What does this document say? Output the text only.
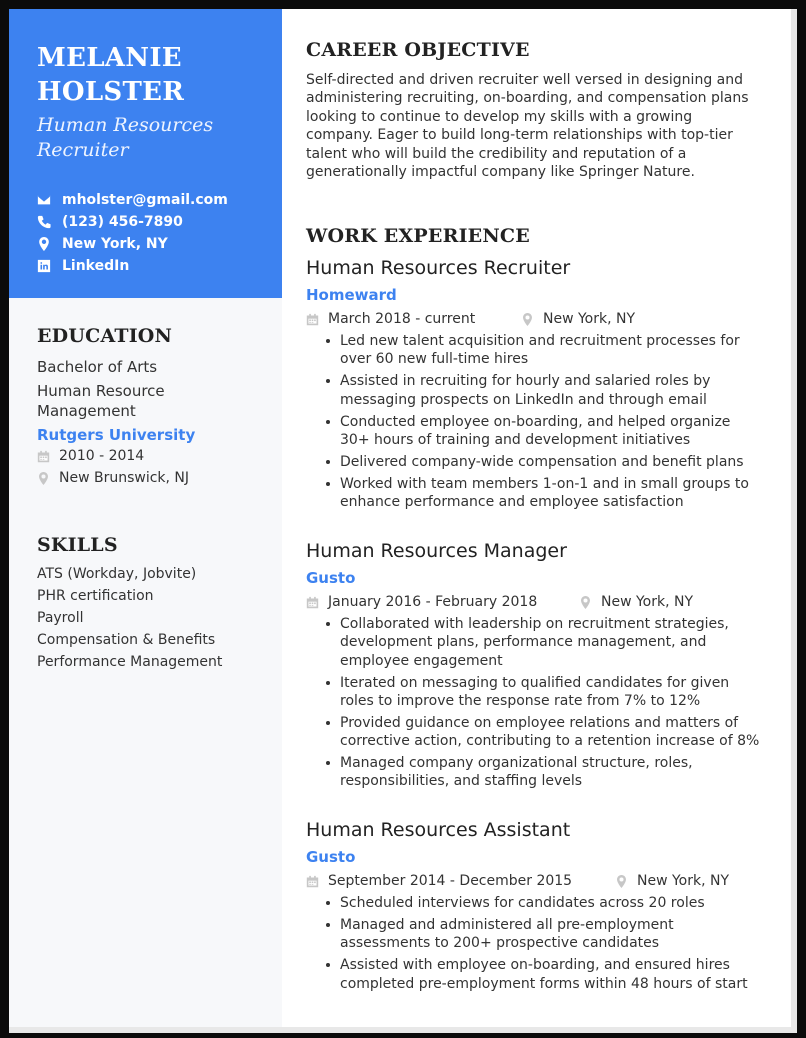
MELANIE
HOLSTER
Human Resources
Recruiter
mholster@gmail.com
(123) 456-7890
New York, NY
LinkedIn
EDUCATION
Bachelor of Arts
Human Resource
Management
Rutgers University
2010 - 2014
New Brunswick, NJ
SKILLS
ATS (Workday, Jobvite)
PHR certification
Payroll
Compensation & Benefits
Performance Management
CAREER OBJECTIVE
Self-directed and driven recruiter well versed in designing and
administering recruiting, on-boarding, and compensation plans
looking to continue to develop my skills with a growing
company. Eager to build long-term relationships with top-tier
talent who will build the credibility and reputation of a
generationally impactful company like Springer Nature.
WORK EXPERIENCE
Human Resources Recruiter
Homeward
March 2018 - current	New York, NY
Led new talent acquisition and recruitment processes for
over 60 new full-time hires
Assisted in recruiting for hourly and salaried roles by
messaging prospects on LinkedIn and through email
Conducted employee on-boarding, and helped organize
30+ hours of training and development initiatives
Delivered company-wide compensation and benefit plans
Worked with team members 1-on-1 and in small groups to
enhance performance and employee satisfaction
Human Resources Manager
Gusto
January 2016 - February 2018	New York, NY
Collaborated with leadership on recruitment strategies,
development plans, performance management, and
employee engagement
Iterated on messaging to qualified candidates for given
roles to improve the response rate from 7% to 12%
Provided guidance on employee relations and matters of
corrective action, contributing to a retention increase of 8%
Managed company organizational structure, roles,
responsibilities, and staffing levels
Human Resources Assistant
Gusto
September 2014 - December 2015	New York, NY
Scheduled interviews for candidates across 20 roles
Managed and administered all pre-employment
assessments to 200+ prospective candidates
Assisted with employee on-boarding, and ensured hires
completed pre-employment forms within 48 hours of start
